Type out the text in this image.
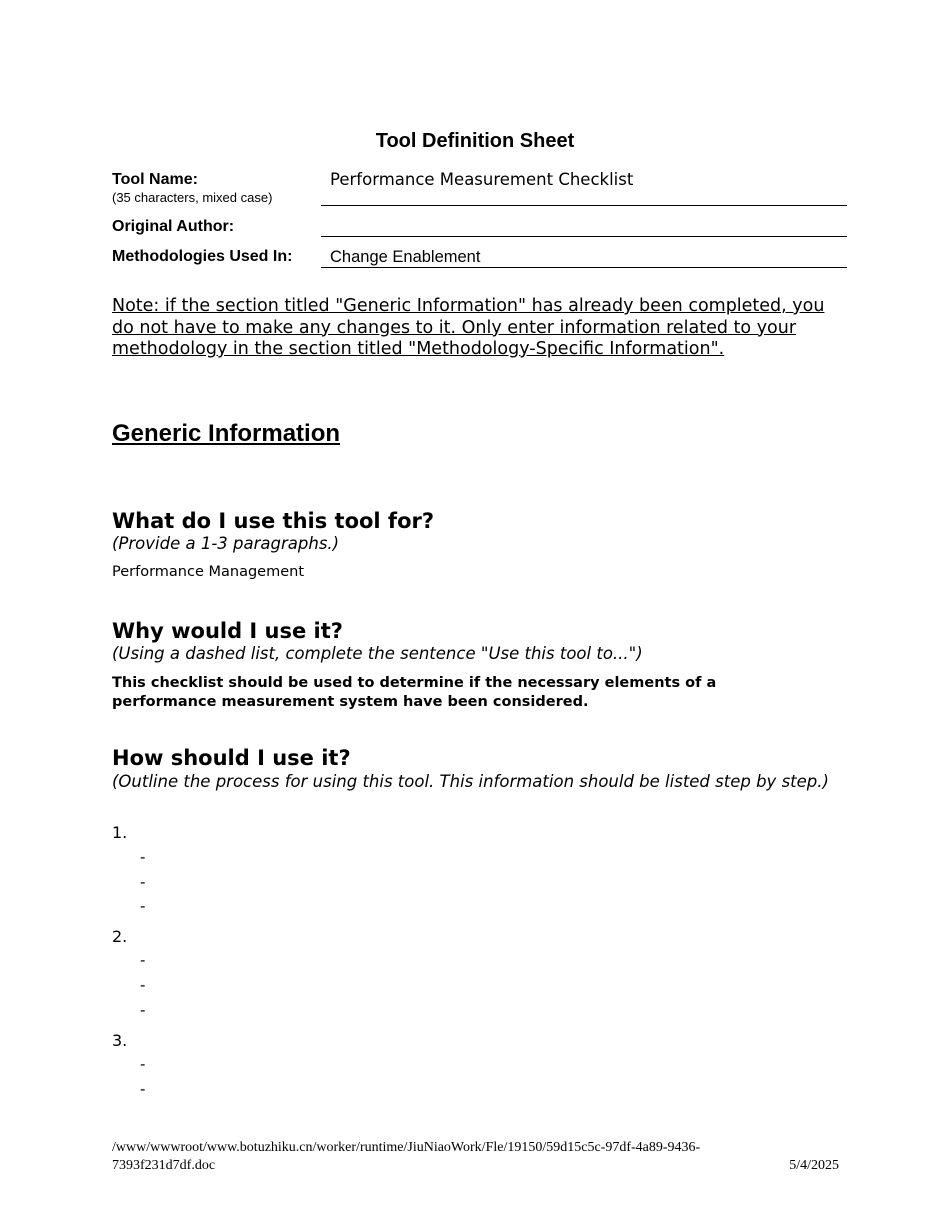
Tool Definition Sheet
Tool Name:
(35 characters, mixed case)
Performance Measurement Checklist
Original Author:
Methodologies Used In: Change Enablement
Note: if the section titled "Generic Information" has already been completed, you do not have to make any changes to it. Only enter information related to your methodology in the section titled "Methodology-Specific Information".
Generic Information
What do I use this tool for?
(Provide a 1-3 paragraphs.)
Performance Management
Why would I use it?
(Using a dashed list, complete the sentence "Use this tool to...")
This checklist should be used to determine if the necessary elements of a performance measurement system have been considered.
How should I use it?
(Outline the process for using this tool. This information should be listed step by step.)
1.
-
-
-
2.
-
-
-
3.
-
-
/www/wwwroot/www.botuzhiku.cn/worker/runtime/JiuNiaoWork/Fle/19150/59d15c5c-97df-4a89-9436-
7393f231d7df.doc	5/4/2025
